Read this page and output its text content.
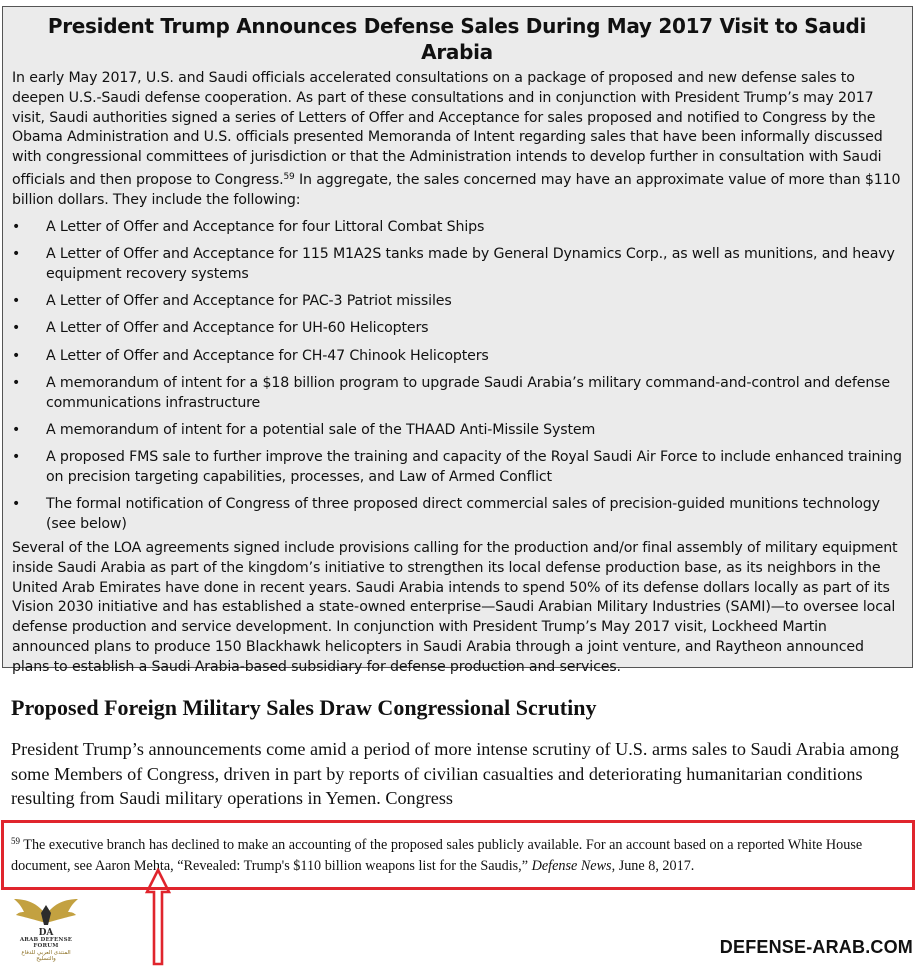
President Trump Announces Defense Sales During May 2017 Visit to Saudi Arabia

In early May 2017, U.S. and Saudi officials accelerated consultations on a package of proposed and new defense sales to deepen U.S.-Saudi defense cooperation. As part of these consultations and in conjunction with President Trump’s may 2017 visit, Saudi authorities signed a series of Letters of Offer and Acceptance for sales proposed and notified to Congress by the Obama Administration and U.S. officials presented Memoranda of Intent regarding sales that have been informally discussed with congressional committees of jurisdiction or that the Administration intends to develop further in consultation with Saudi officials and then propose to Congress.$^{59}$ In aggregate, the sales concerned may have an approximate value of more than $110 billion dollars. They include the following:

• A Letter of Offer and Acceptance for four Littoral Combat Ships
• A Letter of Offer and Acceptance for 115 M1A2S tanks made by General Dynamics Corp., as well as munitions, and heavy equipment recovery systems
• A Letter of Offer and Acceptance for PAC-3 Patriot missiles
• A Letter of Offer and Acceptance for UH-60 Helicopters
• A Letter of Offer and Acceptance for CH-47 Chinook Helicopters
• A memorandum of intent for a $18 billion program to upgrade Saudi Arabia’s military command-and-control and defense communications infrastructure
• A memorandum of intent for a potential sale of the THAAD Anti-Missile System
• A proposed FMS sale to further improve the training and capacity of the Royal Saudi Air Force to include enhanced training on precision targeting capabilities, processes, and Law of Armed Conflict
• The formal notification of Congress of three proposed direct commercial sales of precision-guided munitions technology (see below)

Several of the LOA agreements signed include provisions calling for the production and/or final assembly of military equipment inside Saudi Arabia as part of the kingdom’s initiative to strengthen its local defense production base, as its neighbors in the United Arab Emirates have done in recent years. Saudi Arabia intends to spend 50% of its defense dollars locally as part of its Vision 2030 initiative and has established a state-owned enterprise—Saudi Arabian Military Industries (SAMI)—to oversee local defense production and service development. In conjunction with President Trump’s May 2017 visit, Lockheed Martin announced plans to produce 150 Blackhawk helicopters in Saudi Arabia through a joint venture, and Raytheon announced plans to establish a Saudi Arabia-based subsidiary for defense production and services.

Proposed Foreign Military Sales Draw Congressional Scrutiny

President Trump’s announcements come amid a period of more intense scrutiny of U.S. arms sales to Saudi Arabia among some Members of Congress, driven in part by reports of civilian casualties and deteriorating humanitarian conditions resulting from Saudi military operations in Yemen. Congress

$^{59}$ The executive branch has declined to make an accounting of the proposed sales publicly available. For an account based on a reported White House document, see Aaron Mehta, “Revealed: Trump's $110 billion weapons list for the Saudis,” Defense News, June 8, 2017.

DA
ARAB DEFENSE FORUM
المنتدى العربي للدفاع والتسليح

DEFENSE-ARAB.COM
